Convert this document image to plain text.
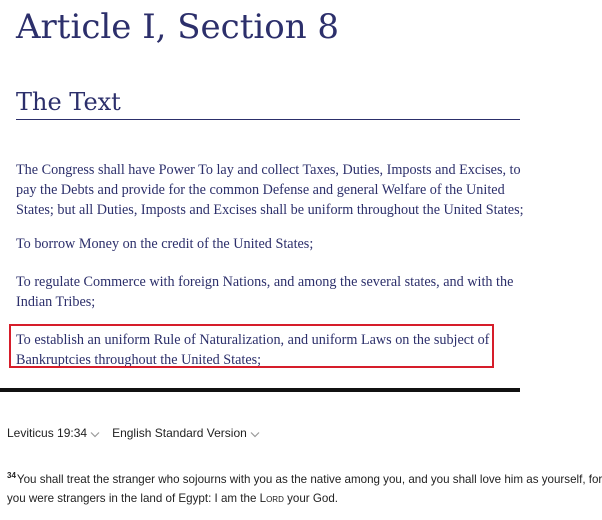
Article I, Section 8
The Text

The Congress shall have Power To lay and collect Taxes, Duties, Imposts and Excises, to
pay the Debts and provide for the common Defense and general Welfare of the United
States; but all Duties, Imposts and Excises shall be uniform throughout the United States;

To borrow Money on the credit of the United States;

To regulate Commerce with foreign Nations, and among the several states, and with the Indian Tribes;

To establish an uniform Rule of Naturalization, and uniform Laws on the subject of Bankruptcies throughout the United States;

Leviticus 19:34 English Standard Version

$^{34}$You shall treat the stranger who sojourns with you as the native among you, and you shall love him as yourself, for
you were strangers in the land of Egypt: I am the Lord your God.
